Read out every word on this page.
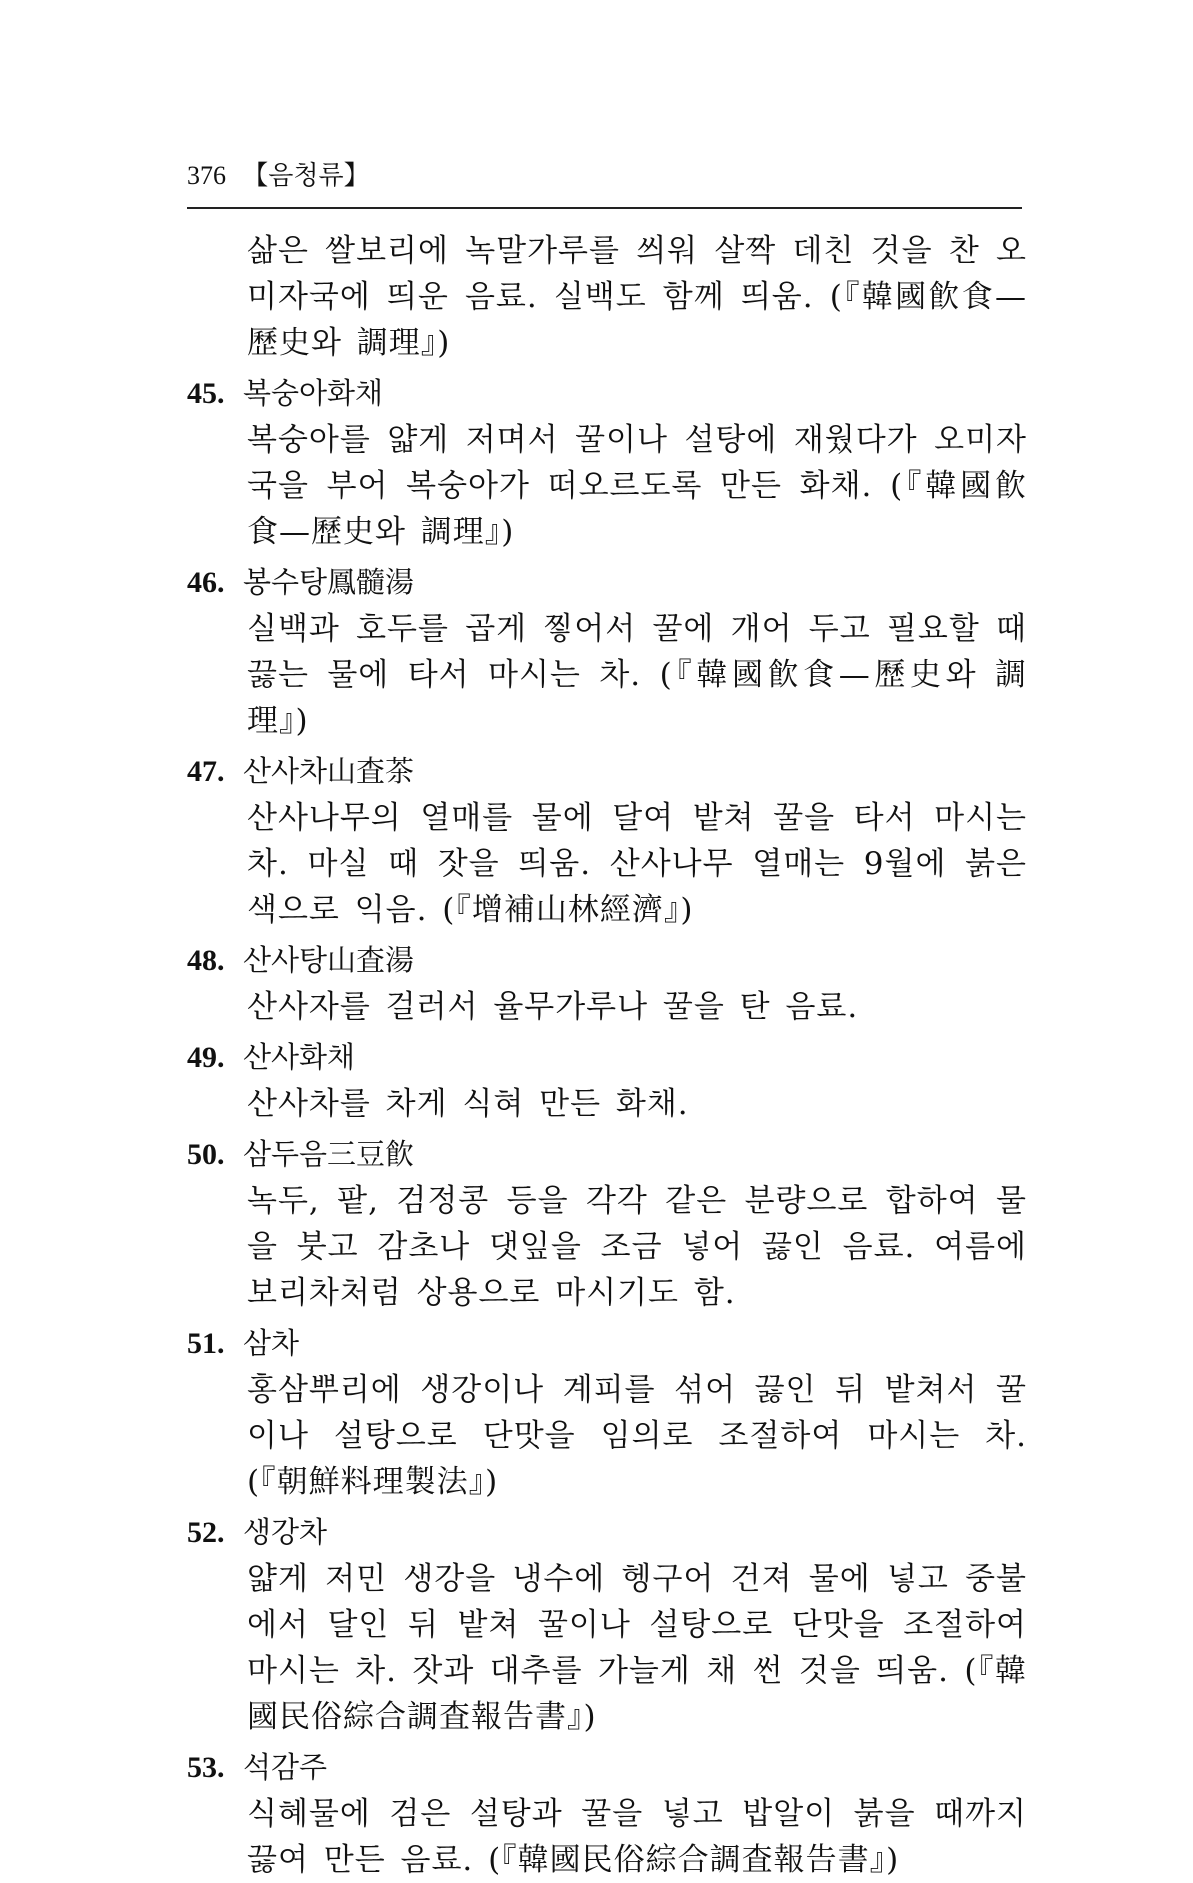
376 【음청류】
삶은 쌀보리에 녹말가루를 씌워 살짝 데친 것을 찬 오미자국에 띄운 음료. 실백도 함께 띄움. (『韓國飮食—歷史와 調理』)
45. 복숭아화채
복숭아를 얇게 저며서 꿀이나 설탕에 재웠다가 오미자국을 부어 복숭아가 떠오르도록 만든 화채. (『韓國飮食—歷史와 調理』)
46. 봉수탕鳳髓湯
실백과 호두를 곱게 찧어서 꿀에 개어 두고 필요할 때 끓는 물에 타서 마시는 차. (『韓國飮食—歷史와 調理』)
47. 산사차山査茶
산사나무의 열매를 물에 달여 밭쳐 꿀을 타서 마시는 차. 마실 때 잣을 띄움. 산사나무 열매는 9월에 붉은색으로 익음. (『增補山林經濟』)
48. 산사탕山査湯
산사자를 걸러서 율무가루나 꿀을 탄 음료.
49. 산사화채
산사차를 차게 식혀 만든 화채.
50. 삼두음三豆飮
녹두, 팥, 검정콩 등을 각각 같은 분량으로 합하여 물을 붓고 감초나 댓잎을 조금 넣어 끓인 음료. 여름에 보리차처럼 상용으로 마시기도 함.
51. 삼차
홍삼뿌리에 생강이나 계피를 섞어 끓인 뒤 밭쳐서 꿀이나 설탕으로 단맛을 임의로 조절하여 마시는 차. (『朝鮮料理製法』)
52. 생강차
얇게 저민 생강을 냉수에 헹구어 건져 물에 넣고 중불에서 달인 뒤 밭쳐 꿀이나 설탕으로 단맛을 조절하여 마시는 차. 잣과 대추를 가늘게 채 썬 것을 띄움. (『韓國民俗綜合調査報告書』)
53. 석감주
식혜물에 검은 설탕과 꿀을 넣고 밥알이 붉을 때까지 끓여 만든 음료. (『韓國民俗綜合調査報告書』)
